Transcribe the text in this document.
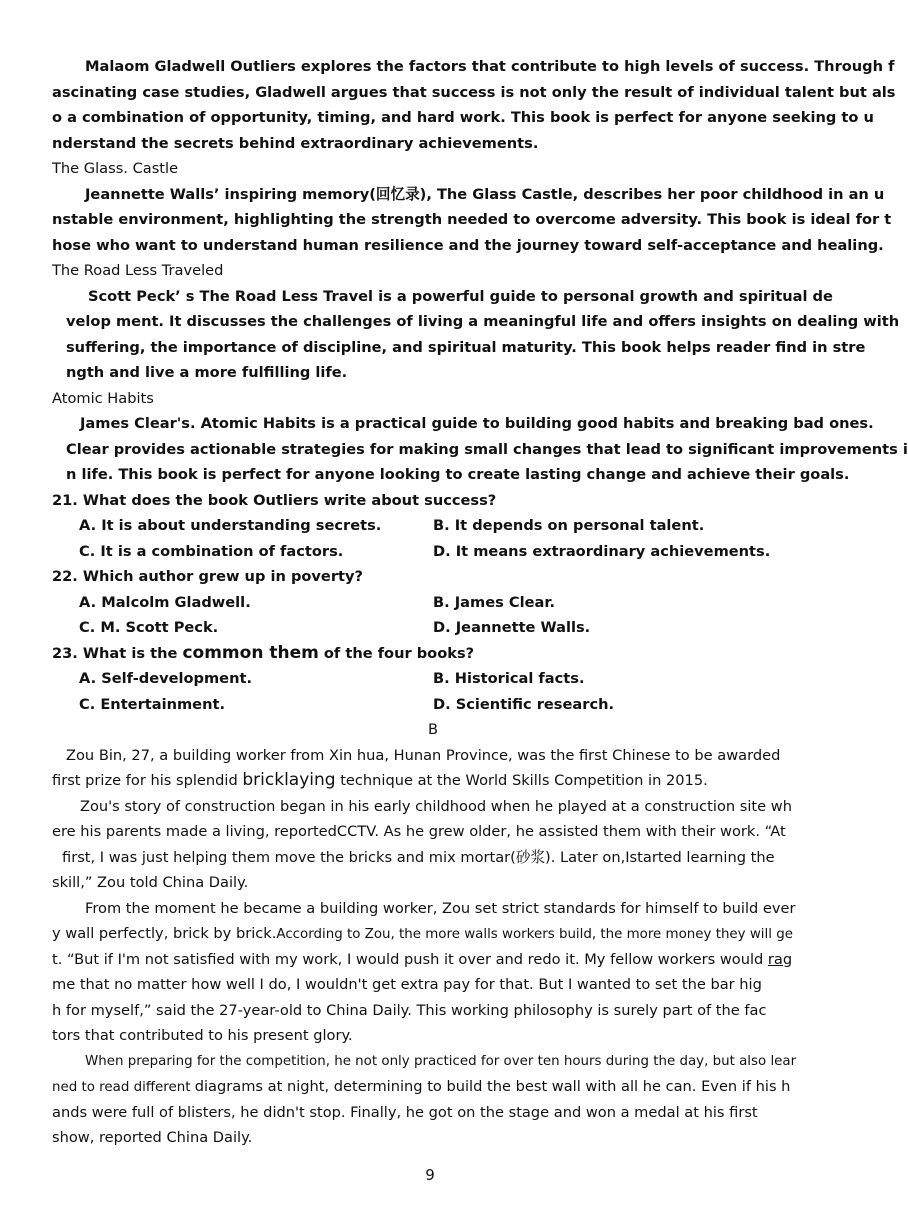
Malaom Gladwell Outliers explores the factors that contribute to high levels of success. Through f
ascinating case studies, Gladwell argues that success is not only the result of individual talent but als
o a combination of opportunity, timing, and hard work. This book is perfect for anyone seeking to u
nderstand the secrets behind extraordinary achievements.
The Glass. Castle
Jeannette Walls’ inspiring memory(回忆录), The Glass Castle, describes her poor childhood in an u
nstable environment, highlighting the strength needed to overcome adversity. This book is ideal for t
hose who want to understand human resilience and the journey toward self-acceptance and healing.
The Road Less Traveled
Scott Peck’ s The Road Less Travel is a powerful guide to personal growth and spiritual de
velop ment. It discusses the challenges of living a meaningful life and offers insights on dealing with
suffering, the importance of discipline, and spiritual maturity. This book helps reader find in stre
ngth and live a more fulfilling life.
Atomic Habits
James Clear's. Atomic Habits is a practical guide to building good habits and breaking bad ones.
Clear provides actionable strategies for making small changes that lead to significant improvements i
n life. This book is perfect for anyone looking to create lasting change and achieve their goals.
21. What does the book Outliers write about success?
A. It is about understanding secrets.	B. It depends on personal talent.
C. It is a combination of factors.	D. It means extraordinary achievements.
22. Which author grew up in poverty?
A. Malcolm Gladwell.	B. James Clear.
C. M. Scott Peck.	D. Jeannette Walls.
23. What is the common them of the four books?
A. Self-development.	B. Historical facts.
C. Entertainment.	D. Scientific research.
B
Zou Bin, 27, a building worker from Xin hua, Hunan Province, was the first Chinese to be awarded
first prize for his splendid bricklaying technique at the World Skills Competition in 2015.
Zou's story of construction began in his early childhood when he played at a construction site wh
ere his parents made a living, reportedCCTV. As he grew older, he assisted them with their work. “At
first, I was just helping them move the bricks and mix mortar(砂浆). Later on,Istarted learning the
skill,” Zou told China Daily.
From the moment he became a building worker, Zou set strict standards for himself to build ever
y wall perfectly, brick by brick.According to Zou, the more walls workers build, the more money they will ge
t. “But if I'm not satisfied with my work, I would push it over and redo it. My fellow workers would rag
me that no matter how well I do, I wouldn't get extra pay for that. But I wanted to set the bar hig
h for myself,” said the 27-year-old to China Daily. This working philosophy is surely part of the fac
tors that contributed to his present glory.
When preparing for the competition, he not only practiced for over ten hours during the day, but also lear
ned to read different diagrams at night, determining to build the best wall with all he can. Even if his h
ands were full of blisters, he didn't stop. Finally, he got on the stage and won a medal at his first
show, reported China Daily.
9
